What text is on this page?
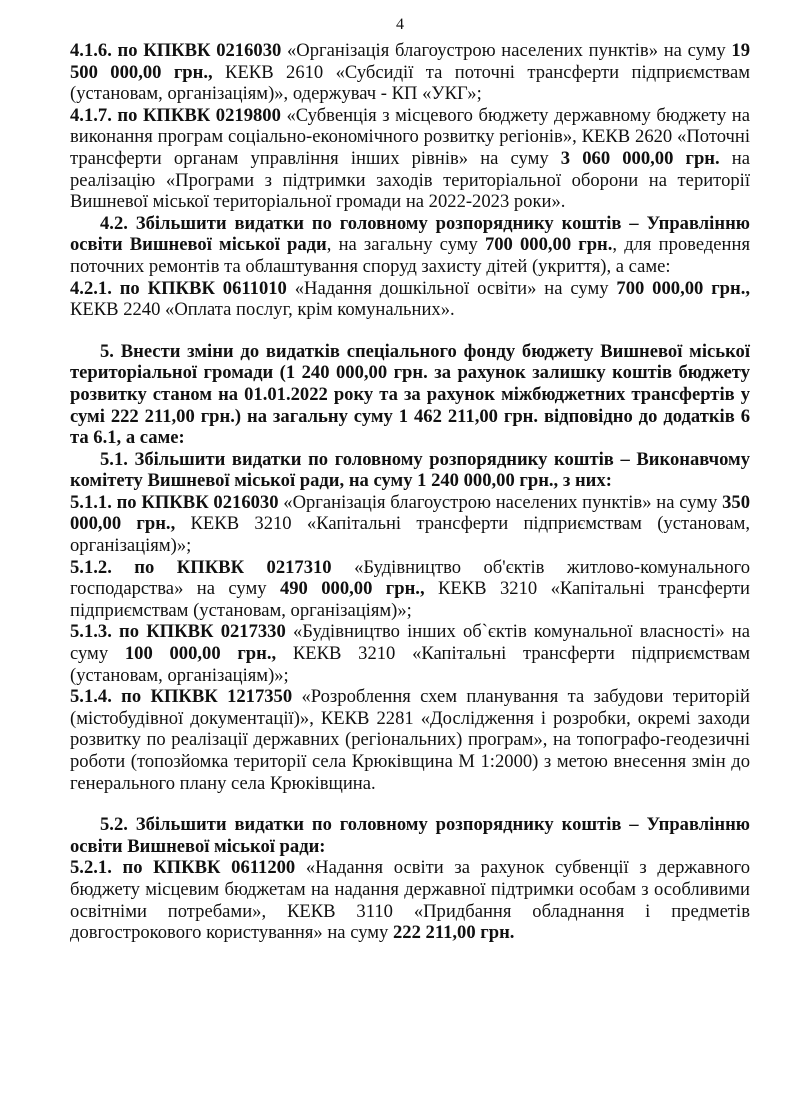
4

4.1.6. по КПКВК 0216030 «Організація благоустрою населених пунктів» на суму 19 500 000,00 грн., КЕКВ 2610 «Субсидії та поточні трансферти підприємствам (установам, організаціям)», одержувач - КП «УКГ»;

4.1.7. по КПКВК 0219800 «Субвенція з місцевого бюджету державному бюджету на виконання програм соціально-економічного розвитку регіонів», КЕКВ 2620 «Поточні трансферти органам управління інших рівнів» на суму 3 060 000,00 грн. на реалізацію «Програми з підтримки заходів територіальної оборони на території Вишневої міської територіальної громади на 2022-2023 роки».

4.2. Збільшити видатки по головному розпоряднику коштів – Управлінню освіти Вишневої міської ради, на загальну суму 700 000,00 грн., для проведення поточних ремонтів та облаштування споруд захисту дітей (укриття), а саме:

4.2.1. по КПКВК 0611010 «Надання дошкільної освіти» на суму 700 000,00 грн., КЕКВ 2240 «Оплата послуг, крім комунальних».

5. Внести зміни до видатків спеціального фонду бюджету Вишневої міської територіальної громади (1 240 000,00 грн. за рахунок залишку коштів бюджету розвитку станом на 01.01.2022 року та за рахунок міжбюджетних трансфертів у сумі 222 211,00 грн.) на загальну суму 1 462 211,00 грн. відповідно до додатків 6 та 6.1, а саме:

5.1. Збільшити видатки по головному розпоряднику коштів – Виконавчому комітету Вишневої міської ради, на суму 1 240 000,00 грн., з них:

5.1.1. по КПКВК 0216030 «Організація благоустрою населених пунктів» на суму 350 000,00 грн., КЕКВ 3210 «Капітальні трансферти підприємствам (установам, організаціям)»;

5.1.2. по КПКВК 0217310 «Будівництво об'єктів житлово-комунального господарства» на суму 490 000,00 грн., КЕКВ 3210 «Капітальні трансферти підприємствам (установам, організаціям)»;

5.1.3. по КПКВК 0217330 «Будівництво інших об`єктів комунальної власності» на суму 100 000,00 грн., КЕКВ 3210 «Капітальні трансферти підприємствам (установам, організаціям)»;

5.1.4. по КПКВК 1217350 «Розроблення схем планування та забудови територій (містобудівної документації)», КЕКВ 2281 «Дослідження і розробки, окремі заходи розвитку по реалізації державних (регіональних) програм», на топографо-геодезичні роботи (топозйомка території села Крюківщина М 1:2000) з метою внесення змін до генерального плану села Крюківщина.

5.2. Збільшити видатки по головному розпоряднику коштів – Управлінню освіти Вишневої міської ради:

5.2.1. по КПКВК 0611200 «Надання освіти за рахунок субвенції з державного бюджету місцевим бюджетам на надання державної підтримки особам з особливими освітніми потребами», КЕКВ 3110 «Придбання обладнання і предметів довгострокового користування» на суму 222 211,00 грн.
